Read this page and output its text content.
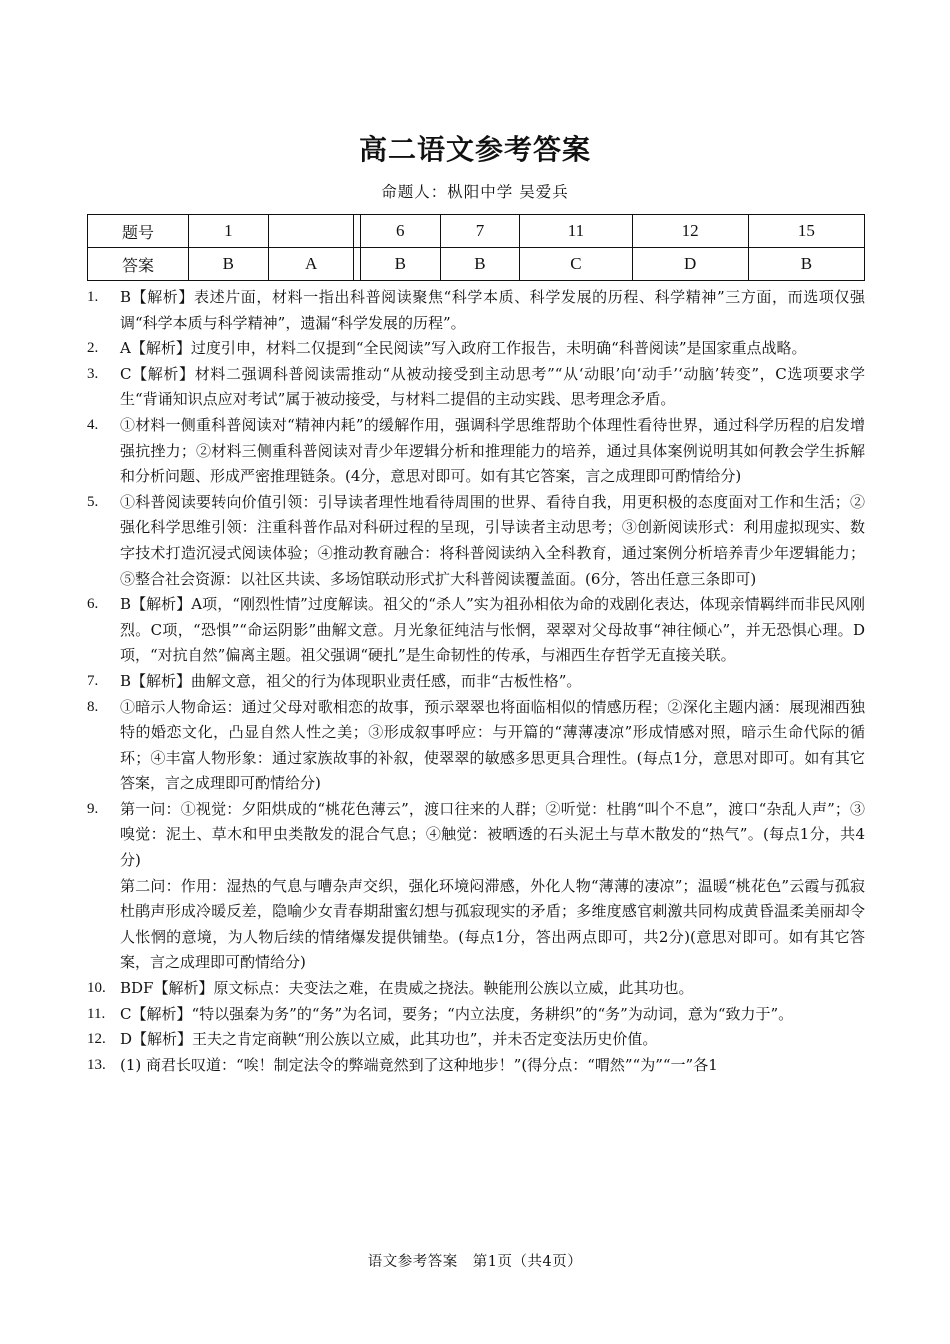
高二语文参考答案
命题人：枞阳中学 吴爱兵
题号	1			6	7	11	12	15
答案	B	A		B	B	C	D	B
1.	B【解析】表述片面，材料一指出科普阅读聚焦“科学本质、科学发展的历程、科学精神”三方面，而选项仅强调“科学本质与科学精神”，遗漏“科学发展的历程”。
2.	A【解析】过度引申，材料二仅提到“全民阅读”写入政府工作报告，未明确“科普阅读”是国家重点战略。
3.	C【解析】材料二强调科普阅读需推动“从被动接受到主动思考”“从‘动眼’向‘动手’‘动脑’转变”，C选项要求学生“背诵知识点应对考试”属于被动接受，与材料二提倡的主动实践、思考理念矛盾。
4.	①材料一侧重科普阅读对“精神内耗”的缓解作用，强调科学思维帮助个体理性看待世界，通过科学历程的启发增强抗挫力；②材料三侧重科普阅读对青少年逻辑分析和推理能力的培养，通过具体案例说明其如何教会学生拆解和分析问题、形成严密推理链条。(4分，意思对即可。如有其它答案，言之成理即可酌情给分)
5.	①科普阅读要转向价值引领：引导读者理性地看待周围的世界、看待自我，用更积极的态度面对工作和生活；②强化科学思维引领：注重科普作品对科研过程的呈现，引导读者主动思考；③创新阅读形式：利用虚拟现实、数字技术打造沉浸式阅读体验；④推动教育融合：将科普阅读纳入全科教育，通过案例分析培养青少年逻辑能力；⑤整合社会资源：以社区共读、多场馆联动形式扩大科普阅读覆盖面。(6分，答出任意三条即可)
6.	B【解析】A项，“刚烈性情”过度解读。祖父的“杀人”实为祖孙相依为命的戏剧化表达，体现亲情羁绊而非民风刚烈。C项，“恐惧”“命运阴影”曲解文意。月光象征纯洁与怅惘，翠翠对父母故事“神往倾心”，并无恐惧心理。D项，“对抗自然”偏离主题。祖父强调“硬扎”是生命韧性的传承，与湘西生存哲学无直接关联。
7.	B【解析】曲解文意，祖父的行为体现职业责任感，而非“古板性格”。
8.	①暗示人物命运：通过父母对歌相恋的故事，预示翠翠也将面临相似的情感历程；②深化主题内涵：展现湘西独特的婚恋文化，凸显自然人性之美；③形成叙事呼应：与开篇的“薄薄凄凉”形成情感对照，暗示生命代际的循环；④丰富人物形象：通过家族故事的补叙，使翠翠的敏感多思更具合理性。(每点1分，意思对即可。如有其它答案，言之成理即可酌情给分)
9.	第一问：①视觉：夕阳烘成的“桃花色薄云”，渡口往来的人群；②听觉：杜鹃“叫个不息”，渡口“杂乱人声”；③嗅觉：泥土、草木和甲虫类散发的混合气息；④触觉：被晒透的石头泥土与草木散发的“热气”。(每点1分，共4分)
第二问：作用：湿热的气息与嘈杂声交织，强化环境闷滞感，外化人物“薄薄的凄凉”；温暖“桃花色”云霞与孤寂杜鹃声形成冷暖反差，隐喻少女青春期甜蜜幻想与孤寂现实的矛盾；多维度感官刺激共同构成黄昏温柔美丽却令人怅惘的意境，为人物后续的情绪爆发提供铺垫。(每点1分，答出两点即可，共2分)(意思对即可。如有其它答案，言之成理即可酌情给分)
10. BDF【解析】原文标点：夫变法之难，在贵威之挠法。鞅能刑公族以立威，此其功也。
11. C【解析】“特以强秦为务”的“务”为名词，要务；“内立法度，务耕织”的“务”为动词，意为“致力于”。
12. D【解析】王夫之肯定商鞅“刑公族以立威，此其功也”，并未否定变法历史价值。
13. (1) 商君长叹道：“唉！制定法令的弊端竟然到了这种地步！”(得分点：“喟然”“为”“一”各1
语文参考答案　第1页（共4页）
